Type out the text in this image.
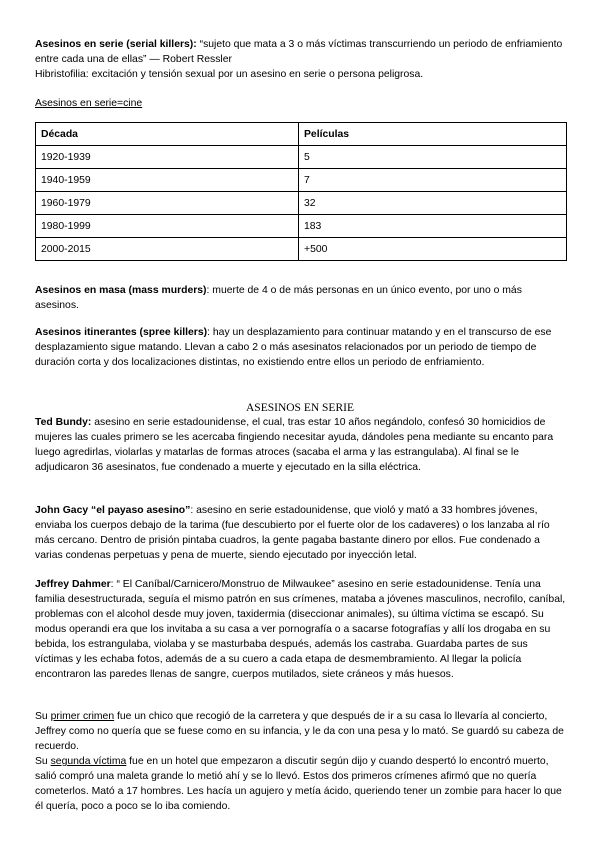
Asesinos en serie (serial killers): “sujeto que mata a 3 o más víctimas transcurriendo un periodo de enfriamiento entre cada una de ellas” — Robert Ressler

Hibristofilia: excitación y tensión sexual por un asesino en serie o persona peligrosa.

Asesinos en serie=cine

Década	Películas
1920-1939	5
1940-1959	7
1960-1979	32
1980-1999	183
2000-2015	+500

Asesinos en masa (mass murders): muerte de 4 o de más personas en un único evento, por uno o más asesinos.

Asesinos itinerantes (spree killers): hay un desplazamiento para continuar matando y en el transcurso de ese desplazamiento sigue matando. Llevan a cabo 2 o más asesinatos relacionados por un periodo de tiempo de duración corta y dos localizaciones distintas, no existiendo entre ellos un periodo de enfriamiento.

ASESINOS EN SERIE

Ted Bundy: asesino en serie estadounidense, el cual, tras estar 10 años negándolo, confesó 30 homicidios de mujeres las cuales primero se les acercaba fingiendo necesitar ayuda, dándoles pena mediante su encanto para luego agredirlas, violarlas y matarlas de formas atroces (sacaba el arma y las estrangulaba). Al final se le adjudicaron 36 asesinatos, fue condenado a muerte y ejecutado en la silla eléctrica.

John Gacy “el payaso asesino”: asesino en serie estadounidense, que violó y mató a 33 hombres jóvenes, enviaba los cuerpos debajo de la tarima (fue descubierto por el fuerte olor de los cadaveres) o los lanzaba al río más cercano. Dentro de prisión pintaba cuadros, la gente pagaba bastante dinero por ellos. Fue condenado a varias condenas perpetuas y pena de muerte, siendo ejecutado por inyección letal.

Jeffrey Dahmer: “ El Caníbal/Carnicero/Monstruo de Milwaukee” asesino en serie estadounidense. Tenía una familia desestructurada, seguía el mismo patrón en sus crímenes, mataba a jóvenes masculinos, necrofilo, caníbal, problemas con el alcohol desde muy joven, taxidermia (diseccionar animales), su última víctima se escapó. Su modus operandi era que los invitaba a su casa a ver pornografía o a sacarse fotografías y allí los drogaba en su bebida, los estrangulaba, violaba y se masturbaba después, además los castraba. Guardaba partes de sus víctimas y les echaba fotos, además de a su cuero a cada etapa de desmembramiento. Al llegar la policía encontraron las paredes llenas de sangre, cuerpos mutilados, siete cráneos y más huesos.

Su primer crimen fue un chico que recogió de la carretera y que después de ir a su casa lo llevaría al concierto, Jeffrey como no quería que se fuese como en su infancia, y le da con una pesa y lo mató. Se guardó su cabeza de recuerdo.

Su segunda víctima fue en un hotel que empezaron a discutir según dijo y cuando despertó lo encontró muerto, salió compró una maleta grande lo metió ahí y se lo llevó. Estos dos primeros crímenes afirmó que no quería cometerlos. Mató a 17 hombres. Les hacía un agujero y metía ácido, queriendo tener un zombie para hacer lo que él quería, poco a poco se lo iba comiendo.
